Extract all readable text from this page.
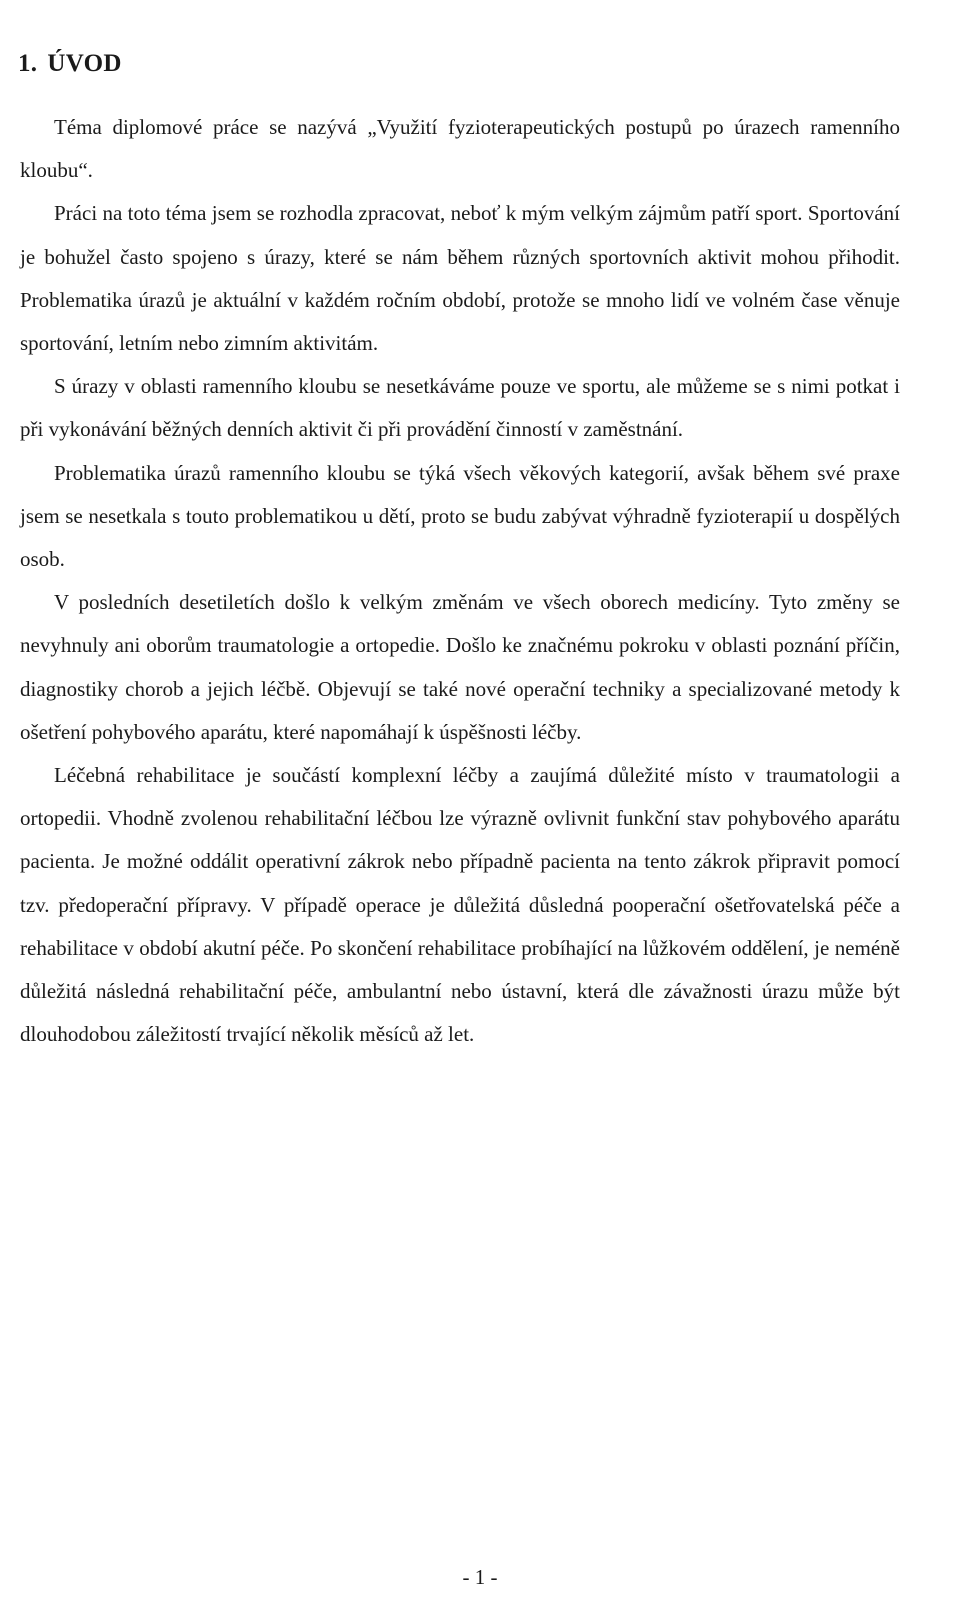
1. ÚVOD

Téma diplomové práce se nazývá „Využití fyzioterapeutických postupů po úrazech ramenního kloubu“.

Práci na toto téma jsem se rozhodla zpracovat, neboť k mým velkým zájmům patří sport. Sportování je bohužel často spojeno s úrazy, které se nám během různých sportovních aktivit mohou přihodit. Problematika úrazů je aktuální v každém ročním období, protože se mnoho lidí ve volném čase věnuje sportování, letním nebo zimním aktivitám.

S úrazy v oblasti ramenního kloubu se nesetkáváme pouze ve sportu, ale můžeme se s nimi potkat i při vykonávání běžných denních aktivit či při provádění činností v zaměstnání.

Problematika úrazů ramenního kloubu se týká všech věkových kategorií, avšak během své praxe jsem se nesetkala s touto problematikou u dětí, proto se budu zabývat výhradně fyzioterapií u dospělých osob.

V posledních desetiletích došlo k velkým změnám ve všech oborech medicíny. Tyto změny se nevyhnuly ani oborům traumatologie a ortopedie. Došlo ke značnému pokroku v oblasti poznání příčin, diagnostiky chorob a jejich léčbě. Objevují se také nové operační techniky a specializované metody k ošetření pohybového aparátu, které napomáhají k úspěšnosti léčby.

Léčebná rehabilitace je součástí komplexní léčby a zaujímá důležité místo v traumatologii a ortopedii. Vhodně zvolenou rehabilitační léčbou lze výrazně ovlivnit funkční stav pohybového aparátu pacienta. Je možné oddálit operativní zákrok nebo případně pacienta na tento zákrok připravit pomocí tzv. předoperační přípravy. V případě operace je důležitá důsledná pooperační ošetřovatelská péče a rehabilitace v období akutní péče. Po skončení rehabilitace probíhající na lůžkovém oddělení, je neméně důležitá následná rehabilitační péče, ambulantní nebo ústavní, která dle závažnosti úrazu může být dlouhodobou záležitostí trvající několik měsíců až let.

- 1 -
